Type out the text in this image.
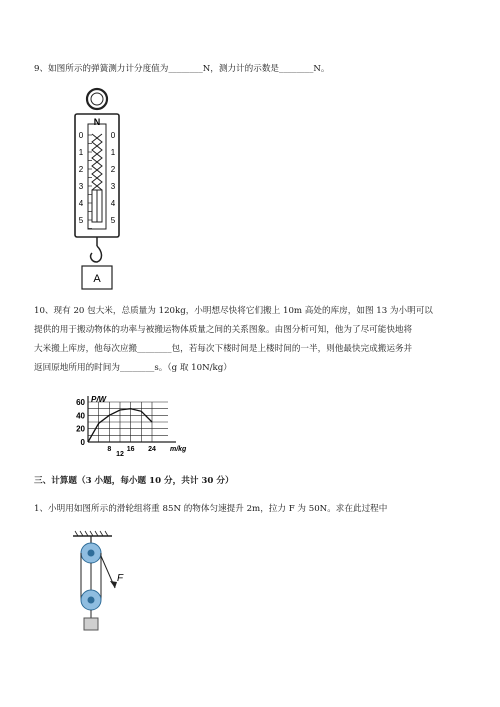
9、如图所示的弹簧测力计分度值为________N，测力计的示数是________N。
N
0	0
1	1
2	2
3	3
4	4
5	5
A
10、现有 20 包大米，总质量为 120kg，小明想尽快将它们搬上 10m 高处的库房，如图 13 为小明可以
提供的用于搬动物体的功率与被搬运物体质量之间的关系图象。由图分析可知，他为了尽可能快地将
大米搬上库房，他每次应搬________包，若每次下楼时间是上楼时间的一半，则他最快完成搬运务并
返回原地所用的时间为________s。（g 取 10N/kg）
60
40
20
0
8 16 24
12
P/W
m/kg
三、计算题（3 小题，每小题 10 分，共计 30 分）
1、小明用如图所示的滑轮组将重 85N 的物体匀速提升 2m，拉力 F 为 50N。求在此过程中
F
